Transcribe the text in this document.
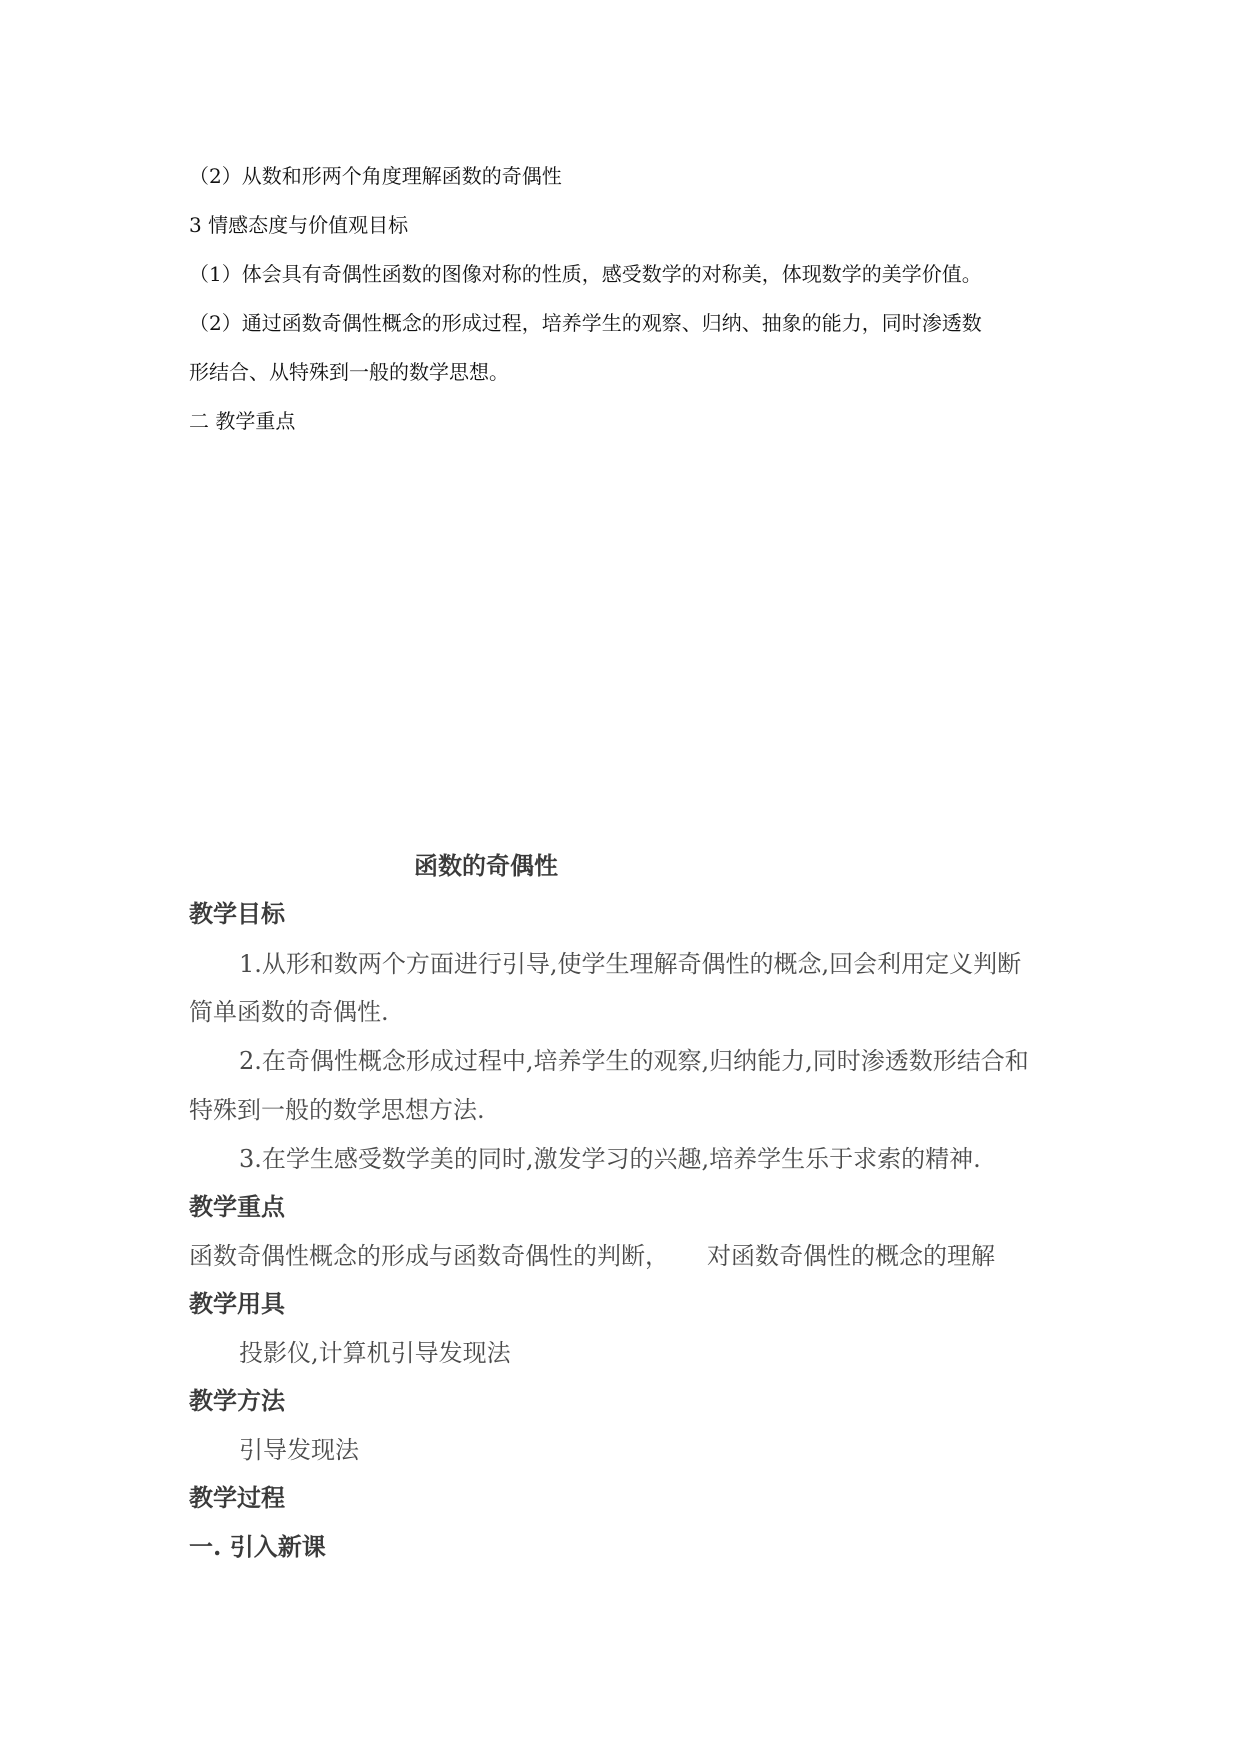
（2）从数和形两个角度理解函数的奇偶性
3 情感态度与价值观目标
（1）体会具有奇偶性函数的图像对称的性质，感受数学的对称美，体现数学的美学价值。
（2）通过函数奇偶性概念的形成过程，培养学生的观察、归纳、抽象的能力，同时渗透数
形结合、从特殊到一般的数学思想。
二 教学重点
函数的奇偶性
教学目标
1.从形和数两个方面进行引导,使学生理解奇偶性的概念,回会利用定义判断
简单函数的奇偶性.
2.在奇偶性概念形成过程中,培养学生的观察,归纳能力,同时渗透数形结合和
特殊到一般的数学思想方法.
3.在学生感受数学美的同时,激发学习的兴趣,培养学生乐于求索的精神.
教学重点
函数奇偶性概念的形成与函数奇偶性的判断， 对函数奇偶性的概念的理解
教学用具
投影仪,计算机引导发现法
教学方法
引导发现法
教学过程
一. 引入新课
